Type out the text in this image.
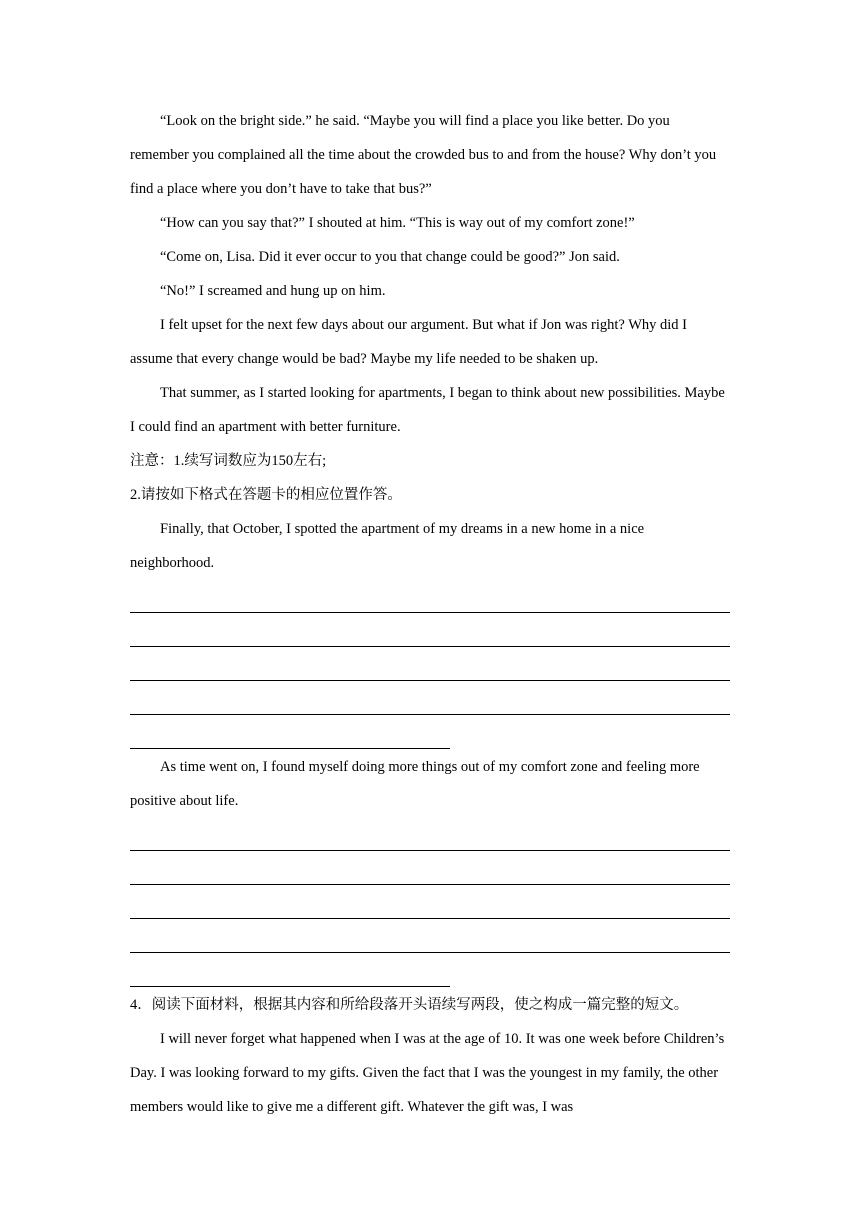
“Look on the bright side.” he said. “Maybe you will find a place you like better. Do you remember you complained all the time about the crowded bus to and from the house? Why don’t you find a place where you don’t have to take that bus?”

“How can you say that?” I shouted at him. “This is way out of my comfort zone!”

“Come on, Lisa. Did it ever occur to you that change could be good?” Jon said.

“No!” I screamed and hung up on him.

I felt upset for the next few days about our argument. But what if Jon was right? Why did I assume that every change would be bad? Maybe my life needed to be shaken up.

That summer, as I started looking for apartments, I began to think about new possibilities. Maybe I could find an apartment with better furniture.

注意：1.续写词数应为150左右;

2.请按如下格式在答题卡的相应位置作答。

Finally, that October, I spotted the apartment of my dreams in a new home in a nice neighborhood.

As time went on, I found myself doing more things out of my comfort zone and feeling more positive about life.

4．阅读下面材料，根据其内容和所给段落开头语续写两段，使之构成一篇完整的短文。

I will never forget what happened when I was at the age of 10. It was one week before Children’s Day. I was looking forward to my gifts. Given the fact that I was the youngest in my family, the other members would like to give me a different gift. Whatever the gift was, I was
